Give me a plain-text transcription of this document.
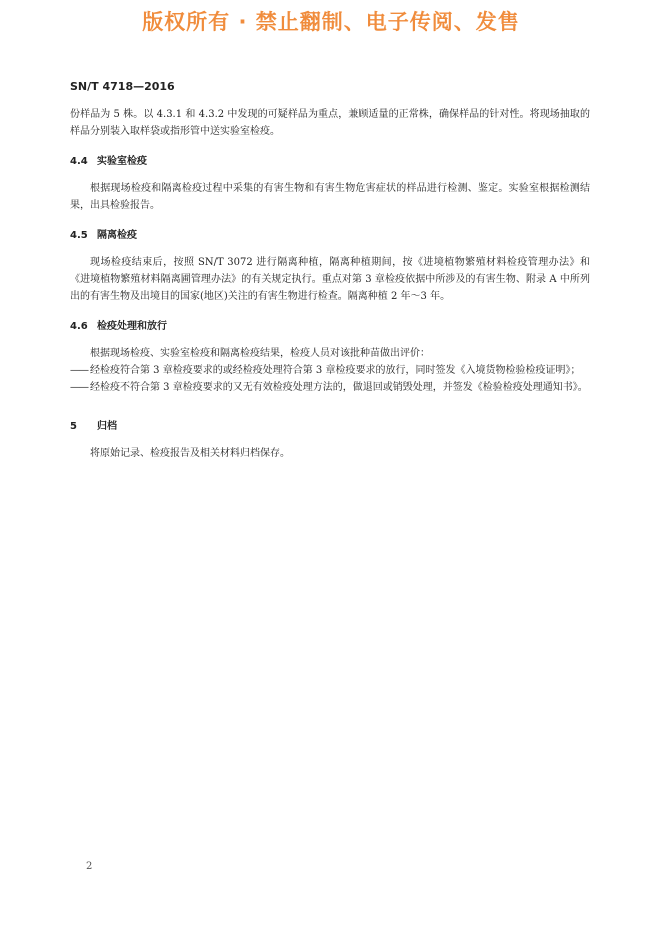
版权所有 · 禁止翻制、电子传阅、发售
SN/T 4718—2016

份样品为 5 株。以 4.3.1 和 4.3.2 中发现的可疑样品为重点，兼顾适量的正常株，确保样品的针对性。将现场抽取的样品分别装入取样袋或指形管中送实验室检疫。

4.4 实验室检疫

根据现场检疫和隔离检疫过程中采集的有害生物和有害生物危害症状的样品进行检测、鉴定。实验室根据检测结果，出具检验报告。

4.5 隔离检疫

现场检疫结束后，按照 SN/T 3072 进行隔离种植，隔离种植期间，按《进境植物繁殖材料检疫管理办法》和《进境植物繁殖材料隔离圃管理办法》的有关规定执行。重点对第 3 章检疫依据中所涉及的有害生物、附录 A 中所列出的有害生物及出境目的国家(地区)关注的有害生物进行检查。隔离种植 2 年～3 年。

4.6 检疫处理和放行

根据现场检疫、实验室检疫和隔离检疫结果，检疫人员对该批种苗做出评价：

—— 经检疫符合第 3 章检疫要求的或经检疫处理符合第 3 章检疫要求的放行，同时签发《入境货物检验检疫证明》；

—— 经检疫不符合第 3 章检疫要求的又无有效检疫处理方法的，做退回或销毁处理，并签发《检验检疫处理通知书》。

5 归档

将原始记录、检疫报告及相关材料归档保存。

2
